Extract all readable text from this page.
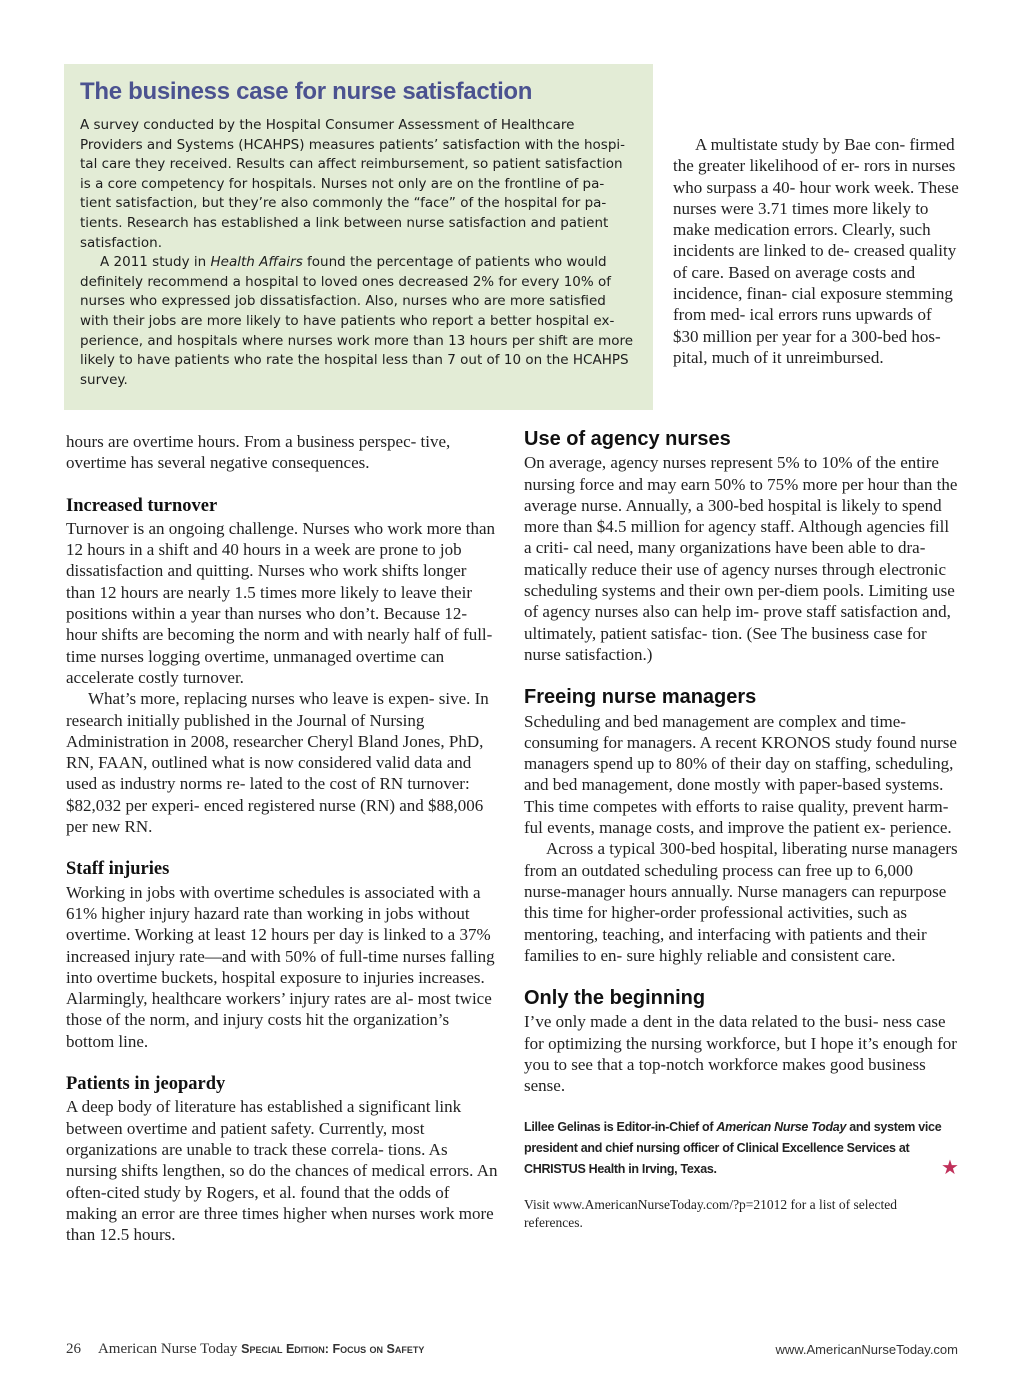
The business case for nurse satisfaction

A survey conducted by the Hospital Consumer Assessment of Healthcare Providers and Systems (HCAHPS) measures patients’ satisfaction with the hospi- tal care they received. Results can affect reimbursement, so patient satisfaction is a core competency for hospitals. Nurses not only are on the frontline of pa- tient satisfaction, but they’re also commonly the “face” of the hospital for pa- tients. Research has established a link between nurse satisfaction and patient satisfaction.

A 2011 study in Health Affairs found the percentage of patients who would definitely recommend a hospital to loved ones decreased 2% for every 10% of nurses who expressed job dissatisfaction. Also, nurses who are more satisfied with their jobs are more likely to have patients who report a better hospital ex- perience, and hospitals where nurses work more than 13 hours per shift are more likely to have patients who rate the hospital less than 7 out of 10 on the HCAHPS survey.

A multistate study by Bae con- firmed the greater likelihood of er- rors in nurses who surpass a 40- hour work week. These nurses were 3.71 times more likely to make medication errors. Clearly, such incidents are linked to de- creased quality of care. Based on average costs and incidence, finan- cial exposure stemming from med- ical errors runs upwards of $30 million per year for a 300-bed hos- pital, much of it unreimbursed.

hours are overtime hours. From a business perspec- tive, overtime has several negative consequences.

Increased turnover

Turnover is an ongoing challenge. Nurses who work more than 12 hours in a shift and 40 hours in a week are prone to job dissatisfaction and quitting. Nurses who work shifts longer than 12 hours are nearly 1.5 times more likely to leave their positions within a year than nurses who don’t. Because 12-hour shifts are becoming the norm and with nearly half of full- time nurses logging overtime, unmanaged overtime can accelerate costly turnover.

What’s more, replacing nurses who leave is expen- sive. In research initially published in the Journal of Nursing Administration in 2008, researcher Cheryl Bland Jones, PhD, RN, FAAN, outlined what is now considered valid data and used as industry norms re- lated to the cost of RN turnover: $82,032 per experi- enced registered nurse (RN) and $88,006 per new RN.

Staff injuries

Working in jobs with overtime schedules is associated with a 61% higher injury hazard rate than working in jobs without overtime. Working at least 12 hours per day is linked to a 37% increased injury rate—and with 50% of full-time nurses falling into overtime buckets, hospital exposure to injuries increases. Alarmingly, healthcare workers’ injury rates are al- most twice those of the norm, and injury costs hit the organization’s bottom line.

Patients in jeopardy

A deep body of literature has established a significant link between overtime and patient safety. Currently, most organizations are unable to track these correla- tions. As nursing shifts lengthen, so do the chances of medical errors. An often-cited study by Rogers, et al. found that the odds of making an error are three times higher when nurses work more than 12.5 hours.

Use of agency nurses

On average, agency nurses represent 5% to 10% of the entire nursing force and may earn 50% to 75% more per hour than the average nurse. Annually, a 300-bed hospital is likely to spend more than $4.5 million for agency staff. Although agencies fill a criti- cal need, many organizations have been able to dra- matically reduce their use of agency nurses through electronic scheduling systems and their own per-diem pools. Limiting use of agency nurses also can help im- prove staff satisfaction and, ultimately, patient satisfac- tion. (See The business case for nurse satisfaction.)

Freeing nurse managers

Scheduling and bed management are complex and time-consuming for managers. A recent KRONOS study found nurse managers spend up to 80% of their day on staffing, scheduling, and bed management, done mostly with paper-based systems. This time competes with efforts to raise quality, prevent harm- ful events, manage costs, and improve the patient ex- perience.

Across a typical 300-bed hospital, liberating nurse managers from an outdated scheduling process can free up to 6,000 nurse-manager hours annually. Nurse managers can repurpose this time for higher-order professional activities, such as mentoring, teaching, and interfacing with patients and their families to en- sure highly reliable and consistent care.

Only the beginning

I’ve only made a dent in the data related to the busi- ness case for optimizing the nursing workforce, but I hope it’s enough for you to see that a top-notch workforce makes good business sense.

Lillee Gelinas is Editor-in-Chief of American Nurse Today and system vice president and chief nursing officer of Clinical Excellence Services at CHRISTUS Health in Irving, Texas.

Visit www.AmericanNurseToday.com/?p=21012 for a list of selected references.

★
26 American Nurse Today Special Edition: Focus on Safety	www.AmericanNurseToday.com
